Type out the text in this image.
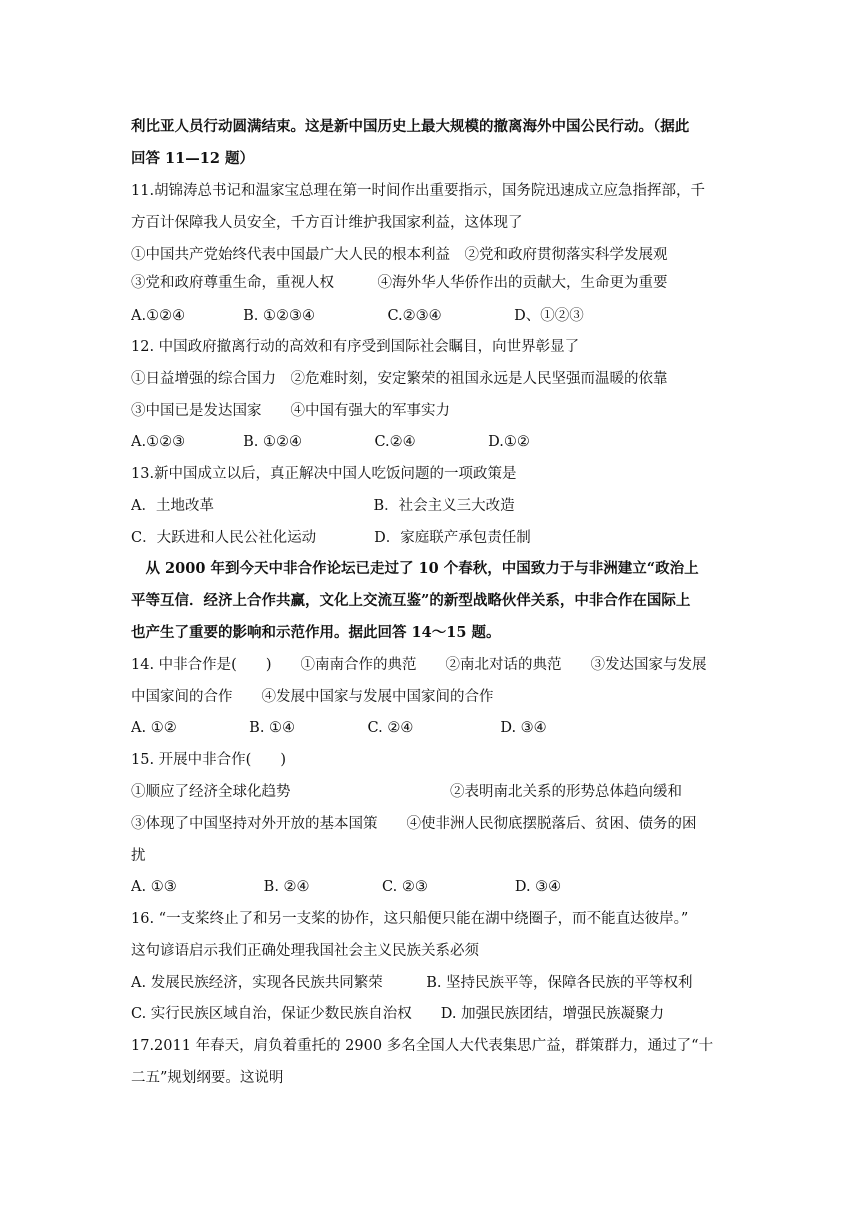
利比亚人员行动圆满结束。这是新中国历史上最大规模的撤离海外中国公民行动。（据此
回答 11—12 题）
11.胡锦涛总书记和温家宝总理在第一时间作出重要指示，国务院迅速成立应急指挥部，千
方百计保障我人员安全，千方百计维护我国家利益，这体现了
①中国共产党始终代表中国最广大人民的根本利益　②党和政府贯彻落实科学发展观
③党和政府尊重生命，重视人权　　　④海外华人华侨作出的贡献大，生命更为重要
A.①②④　　　　B. ①②③④　　　　　C.②③④　　　　　D、①②③
12. 中国政府撤离行动的高效和有序受到国际社会瞩目，向世界彰显了
①日益增强的综合国力　②危难时刻，安定繁荣的祖国永远是人民坚强而温暖的依靠
③中国已是发达国家　　④中国有强大的军事实力
A.①②③　　　　B. ①②④　　　　　C.②④　　　　　D.①②
13.新中国成立以后，真正解决中国人吃饭问题的一项政策是
A．土地改革　　　　　　　　　　　B．社会主义三大改造
C．大跃进和人民公社化运动　　　　D．家庭联产承包责任制
　从 2000 年到今天中非合作论坛已走过了 10 个春秋，中国致力于与非洲建立“政治上
平等互信．经济上合作共赢，文化上交流互鉴”的新型战略伙伴关系，中非合作在国际上
也产生了重要的影响和示范作用。据此回答 14～15 题。
14. 中非合作是(　　)　　①南南合作的典范　　②南北对话的典范　　③发达国家与发展
中国家间的合作　　④发展中国家与发展中国家间的合作
A. ①②　　　　　B. ①④　　　　　C. ②④　　　　　　D. ③④
15. 开展中非合作(　　)
①顺应了经济全球化趋势　　　　　　　　　　　②表明南北关系的形势总体趋向缓和
③体现了中国坚持对外开放的基本国策　　④使非洲人民彻底摆脱落后、贫困、债务的困
扰
A. ①③　　　　　　B. ②④　　　　　C. ②③　　　　　　D. ③④
16. “一支桨终止了和另一支桨的协作，这只船便只能在湖中绕圈子，而不能直达彼岸。”
这句谚语启示我们正确处理我国社会主义民族关系必须
A. 发展民族经济，实现各民族共同繁荣　　　B. 坚持民族平等，保障各民族的平等权利
C. 实行民族区域自治，保证少数民族自治权　　D. 加强民族团结，增强民族凝聚力
17.2011 年春天，肩负着重托的 2900 多名全国人大代表集思广益，群策群力，通过了“十
二五”规划纲要。这说明
